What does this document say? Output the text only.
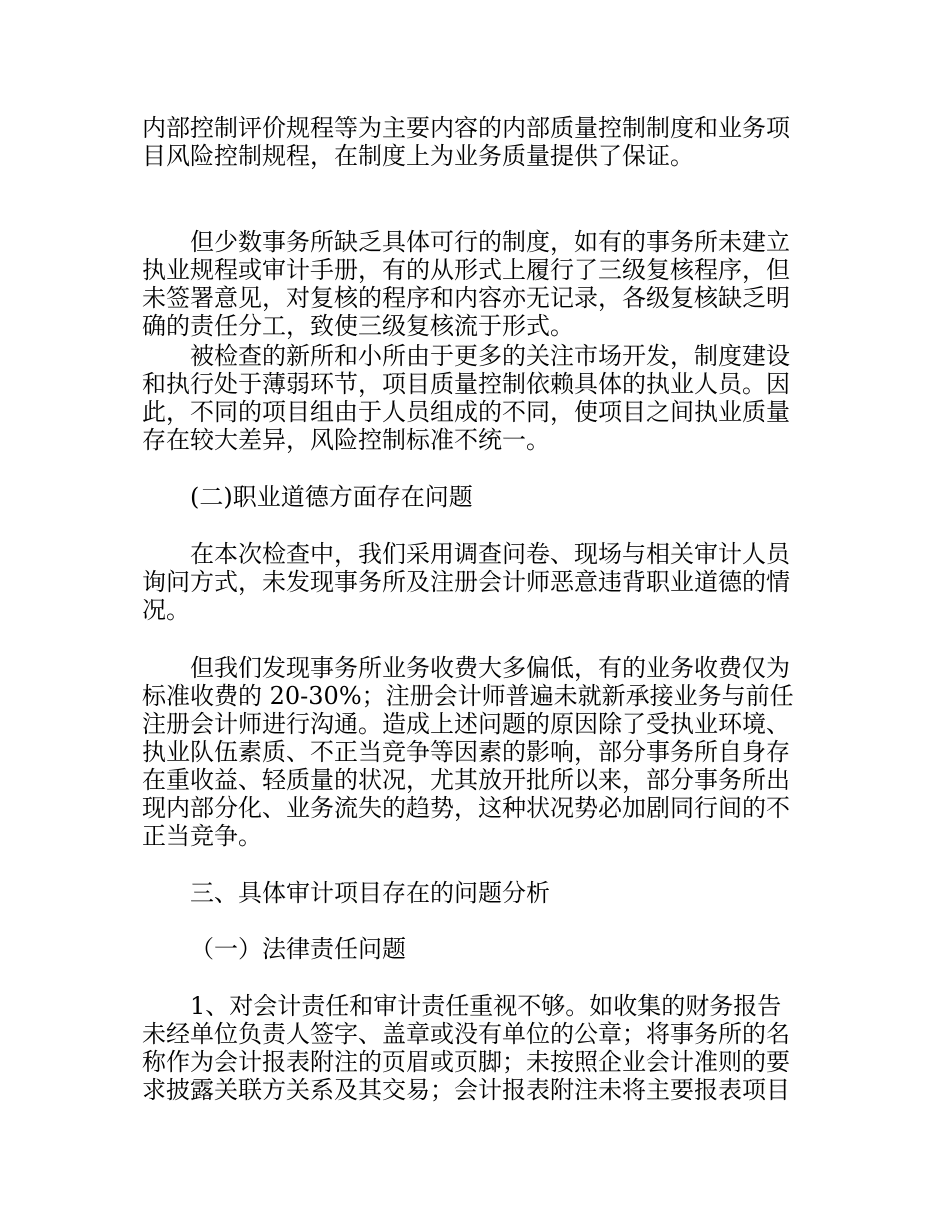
内部控制评价规程等为主要内容的内部质量控制制度和业务项
目风险控制规程，在制度上为业务质量提供了保证。
但少数事务所缺乏具体可行的制度，如有的事务所未建立
执业规程或审计手册，有的从形式上履行了三级复核程序，但
未签署意见，对复核的程序和内容亦无记录，各级复核缺乏明
确的责任分工，致使三级复核流于形式。
被检查的新所和小所由于更多的关注市场开发，制度建设
和执行处于薄弱环节，项目质量控制依赖具体的执业人员。因
此，不同的项目组由于人员组成的不同，使项目之间执业质量
存在较大差异，风险控制标准不统一。
(二)职业道德方面存在问题
在本次检查中，我们采用调查问卷、现场与相关审计人员
询问方式，未发现事务所及注册会计师恶意违背职业道德的情
况。
但我们发现事务所业务收费大多偏低，有的业务收费仅为
标准收费的 20-30%；注册会计师普遍未就新承接业务与前任
注册会计师进行沟通。造成上述问题的原因除了受执业环境、
执业队伍素质、不正当竞争等因素的影响，部分事务所自身存
在重收益、轻质量的状况，尤其放开批所以来，部分事务所出
现内部分化、业务流失的趋势，这种状况势必加剧同行间的不
正当竞争。
三、具体审计项目存在的问题分析
（一）法律责任问题
1、对会计责任和审计责任重视不够。如收集的财务报告
未经单位负责人签字、盖章或没有单位的公章；将事务所的名
称作为会计报表附注的页眉或页脚；未按照企业会计准则的要
求披露关联方关系及其交易；会计报表附注未将主要报表项目
